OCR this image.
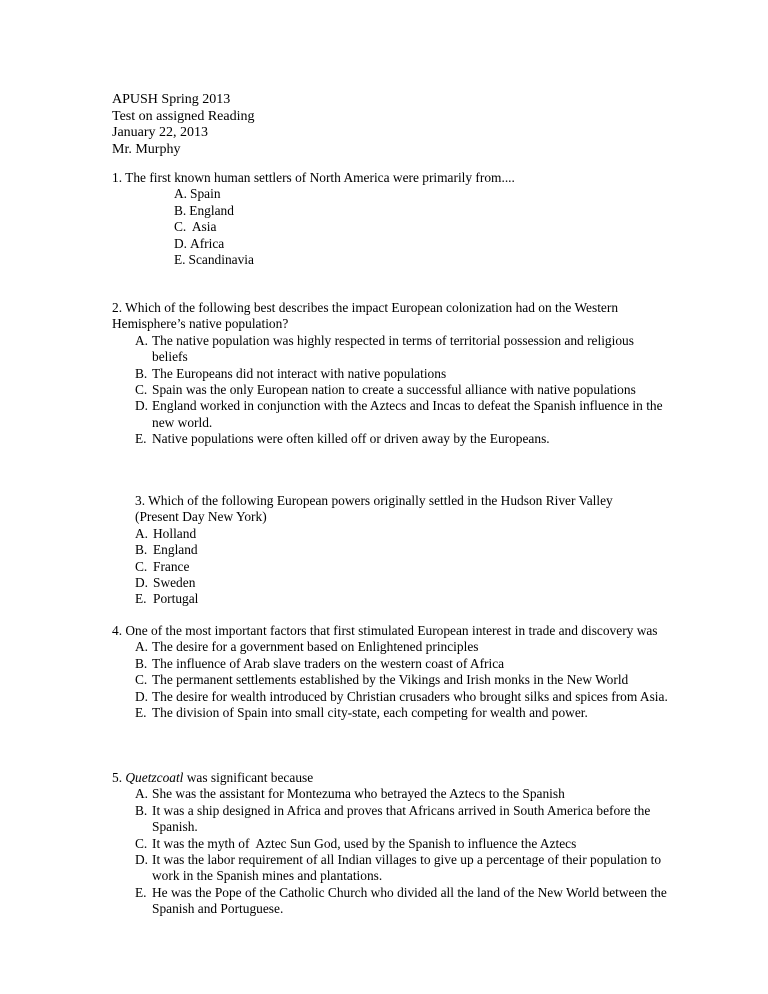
APUSH Spring 2013
Test on assigned Reading
January 22, 2013
Mr. Murphy

1. The first known human settlers of North America were primarily from....

A. Spain
B. England
C. Asia
D. Africa
E. Scandinavia

2. Which of the following best describes the impact European colonization had on the Western Hemisphere’s native population?

A. The native population was highly respected in terms of territorial possession and religious beliefs
B. The Europeans did not interact with native populations
C. Spain was the only European nation to create a successful alliance with native populations
D. England worked in conjunction with the Aztecs and Incas to defeat the Spanish influence in the new world.
E. Native populations were often killed off or driven away by the Europeans.

3. Which of the following European powers originally settled in the Hudson River Valley (Present Day New York)

A. Holland
B. England
C. France
D. Sweden
E. Portugal

4. One of the most important factors that first stimulated European interest in trade and discovery was

A. The desire for a government based on Enlightened principles
B. The influence of Arab slave traders on the western coast of Africa
C. The permanent settlements established by the Vikings and Irish monks in the New World
D. The desire for wealth introduced by Christian crusaders who brought silks and spices from Asia.
E. The division of Spain into small city-state, each competing for wealth and power.

5. Quetzcoatl was significant because

A. She was the assistant for Montezuma who betrayed the Aztecs to the Spanish
B. It was a ship designed in Africa and proves that Africans arrived in South America before the Spanish.
C. It was the myth of  Aztec Sun God, used by the Spanish to influence the Aztecs
D. It was the labor requirement of all Indian villages to give up a percentage of their population to work in the Spanish mines and plantations.
E. He was the Pope of the Catholic Church who divided all the land of the New World between the Spanish and Portuguese.
